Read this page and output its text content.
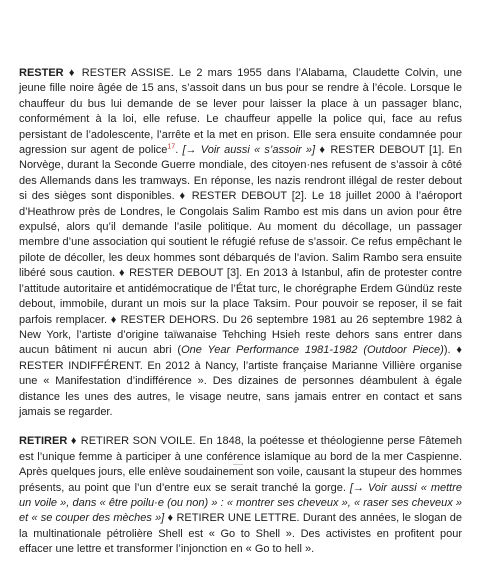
RESTER ♦ RESTER ASSISE. Le 2 mars 1955 dans l’Alabama, Claudette Colvin, une jeune fille noire âgée de 15 ans, s’assoit dans un bus pour se rendre à l’école. Lorsque le chauffeur du bus lui demande de se lever pour laisser la place à un passager blanc, conformément à la loi, elle refuse. Le chauffeur appelle la police qui, face au refus persistant de l’adolescente, l’arrête et la met en prison. Elle sera ensuite condamnée pour agression sur agent de police$^{17}$. [→ Voir aussi « s’assoir »] ♦ RESTER DEBOUT [1]. En Norvège, durant la Seconde Guerre mondiale, des citoyen·nes refusent de s’assoir à côté des Allemands dans les tramways. En réponse, les nazis rendront illégal de rester debout si des sièges sont disponibles. ♦ RESTER DEBOUT [2]. Le 18 juillet 2000 à l’aéroport d’Heathrow près de Londres, le Congolais Salim Rambo est mis dans un avion pour être expulsé, alors qu’il demande l’asile politique. Au moment du décollage, un passager membre d’une association qui soutient le réfugié refuse de s’assoir. Ce refus empêchant le pilote de décoller, les deux hommes sont débarqués de l’avion. Salim Rambo sera ensuite libéré sous caution. ♦ RESTER DEBOUT [3]. En 2013 à Istanbul, afin de protester contre l’attitude autoritaire et antidémocratique de l’État turc, le chorégraphe Erdem Gündüz reste debout, immobile, durant un mois sur la place Taksim. Pour pouvoir se reposer, il se fait parfois remplacer. ♦ RESTER DEHORS. Du 26 septembre 1981 au 26 septembre 1982 à New York, l’artiste d’origine taïwanaise Tehching Hsieh reste dehors sans entrer dans aucun bâtiment ni aucun abri (One Year Performance 1981-1982 (Outdoor Piece)). ♦ RESTER INDIFFÉRENT. En 2012 à Nancy, l’artiste française Marianne Villière organise une « Manifestation d’indifférence ». Des dizaines de personnes déambulent à égale distance les unes des autres, le visage neutre, sans jamais entrer en contact et sans jamais se regarder.

RETIRER ♦ RETIRER SON VOILE. En 1848, la poétesse et théologienne perse Fâtemeh est l’unique femme à participer à une conférence islamique au bord de la mer Caspienne. Après quelques jours, elle enlève soudainement son voile, causant la stupeur des hommes présents, au point que l’un d’entre eux se serait tranché la gorge. [→ Voir aussi « mettre un voile », dans « être poilu·e (ou non) » : « montrer ses cheveux », « raser ses cheveux » et « se couper des mèches »] ♦ RETIRER UNE LETTRE. Durant des années, le slogan de la multinationale pétrolière Shell est « Go to Shell ». Des activistes en profitent pour effacer une lettre et transformer l’injonction en « Go to hell ».
